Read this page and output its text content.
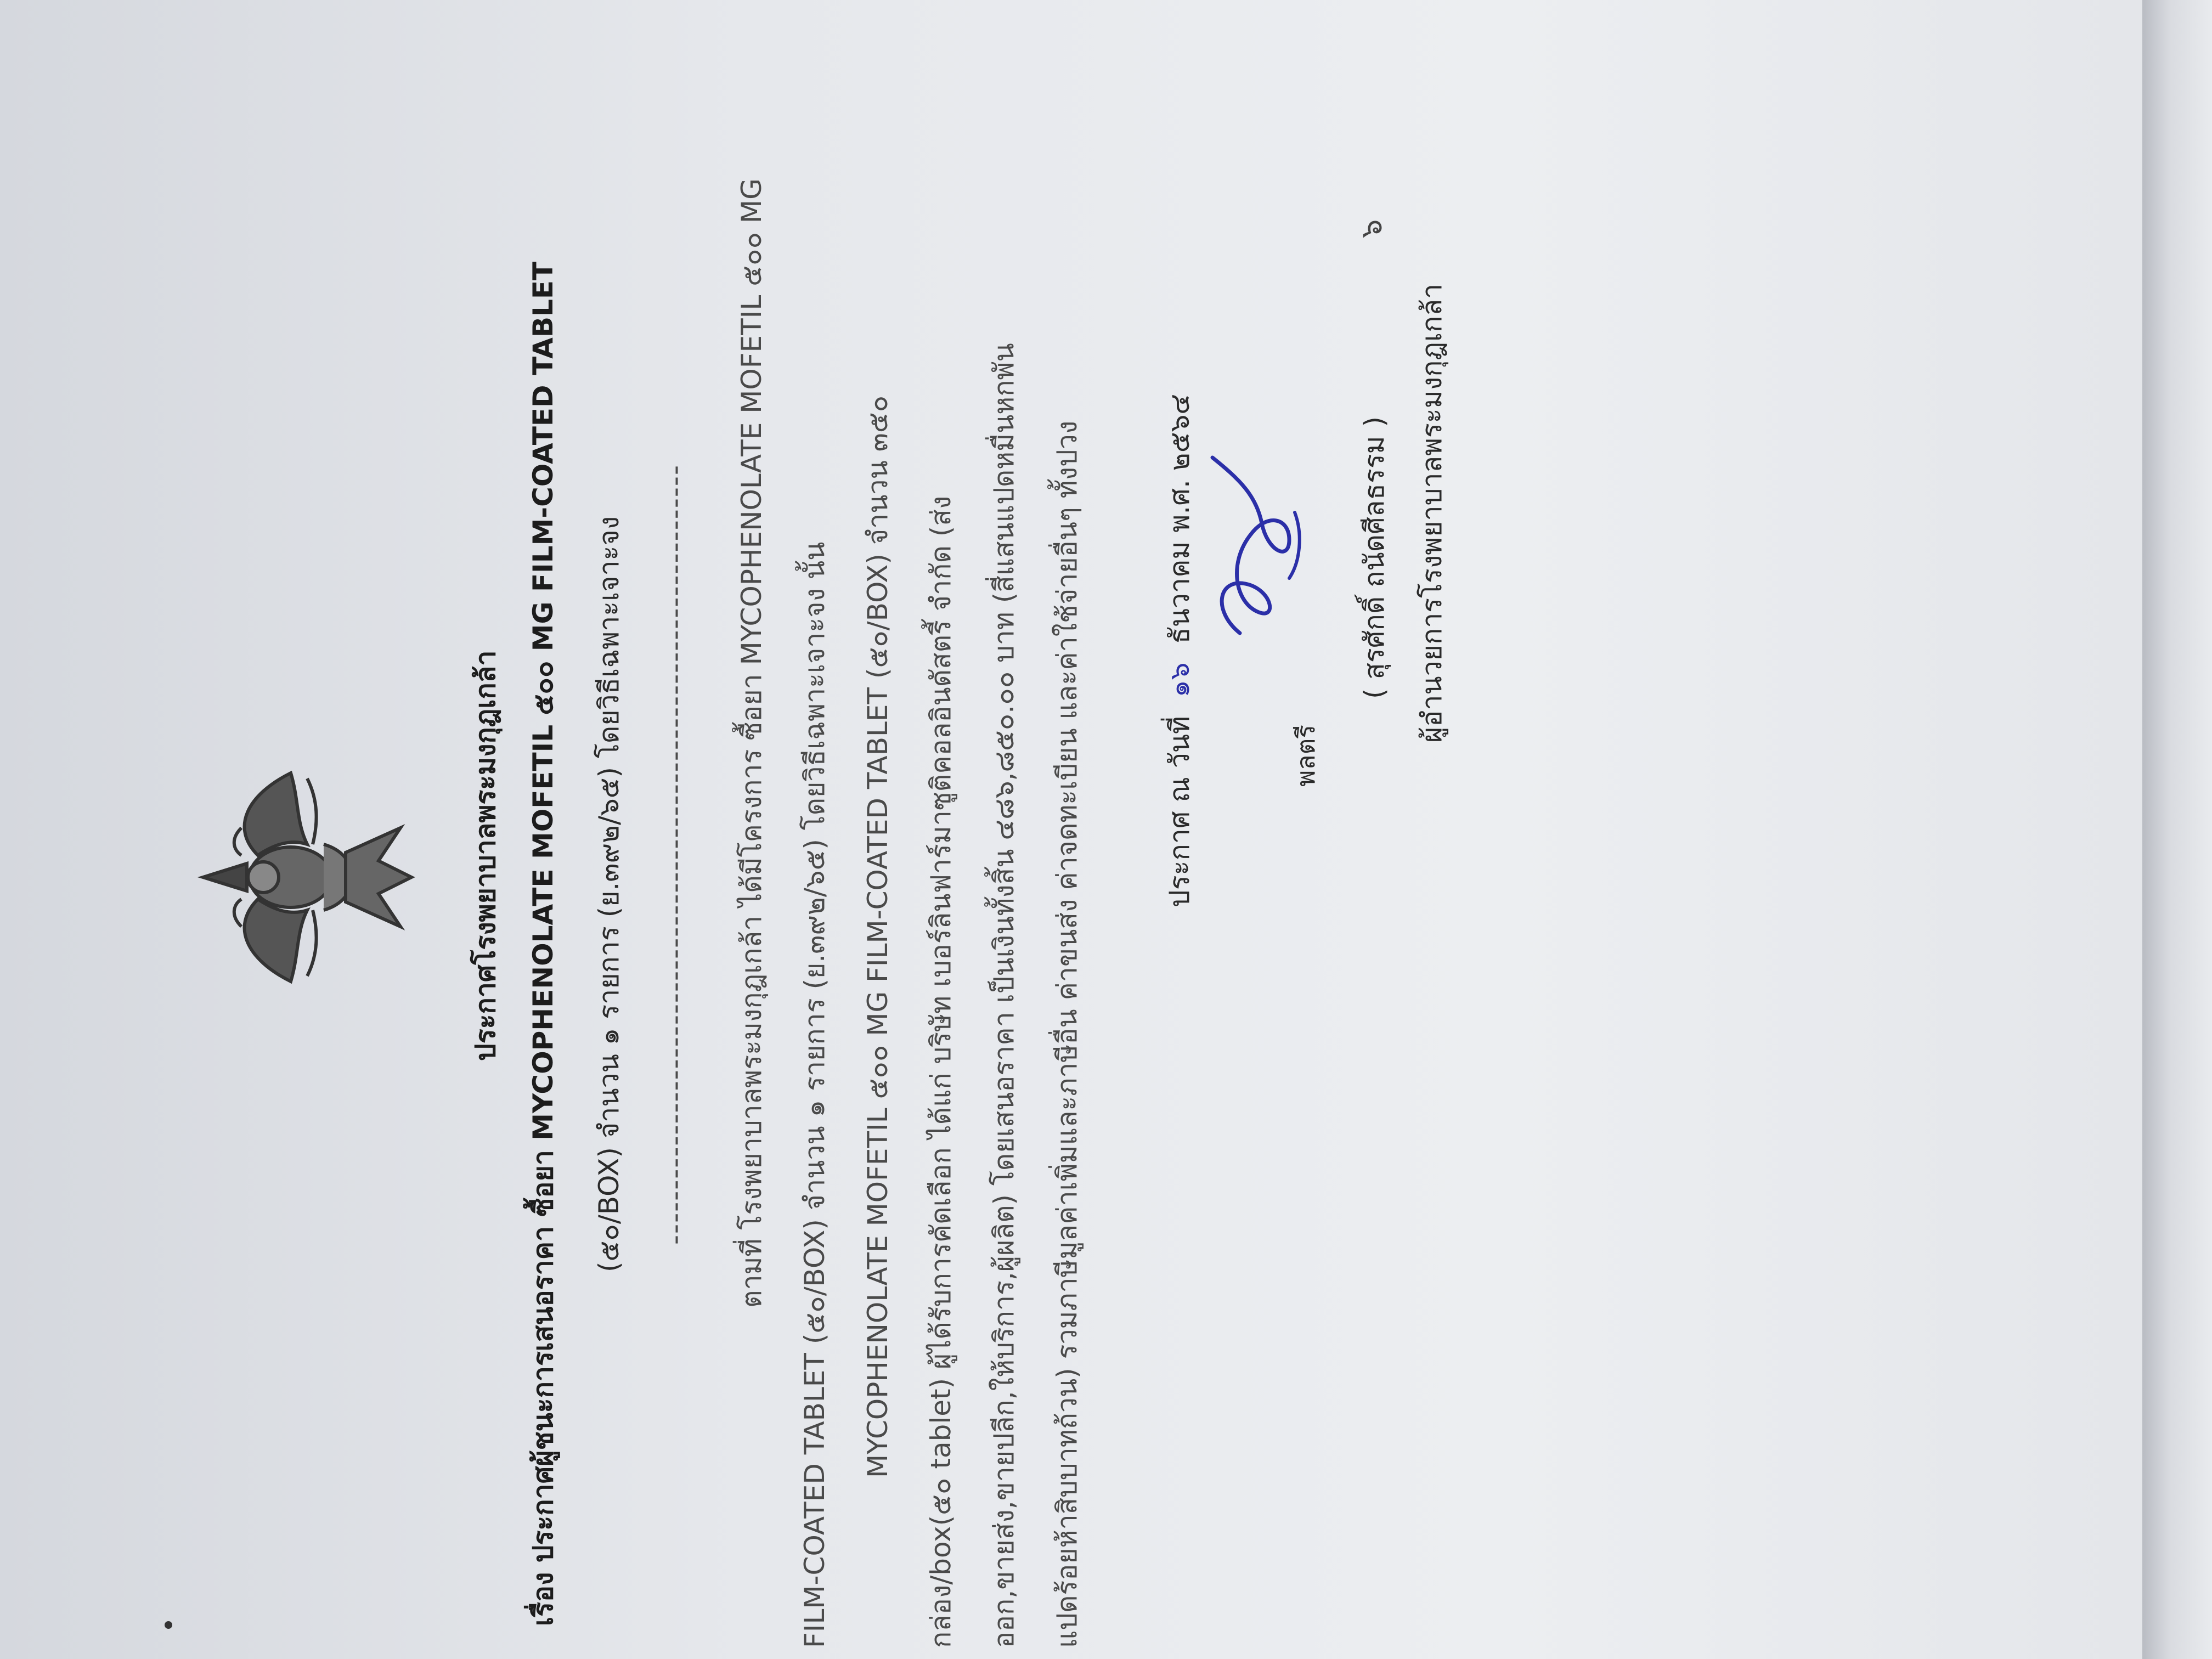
ประกาศโรงพยาบาลพระมงกุฎเกล้า เรื่อง ประกาศผู้ชนะการเสนอราคา ซื้อยา MYCOPHENOLATE MOFETIL ๕๐๐ MG FILM-COATED TABLET (๕๐/BOX) จำนวน ๑ รายการ (ย.๓๙๒/๖๕) โดยวิธีเฉพาะเจาะจง ----------------------------------------------------------------------- ตามที่ โรงพยาบาลพระมงกุฎเกล้า ได้มีโครงการ ซื้อยา MYCOPHENOLATE MOFETIL ๕๐๐ MG FILM-COATED TABLET (๕๐/BOX) จำนวน ๑ รายการ (ย.๓๙๒/๖๕) โดยวิธีเฉพาะเจาะจง นั้น MYCOPHENOLATE MOFETIL ๕๐๐ MG FILM-COATED TABLET (๕๐/BOX) จำนวน ๓๕๐ กล่อง/box(๕๐ tablet) ผู้ได้รับการคัดเลือก ได้แก่ บริษัท เบอร์ลินฟาร์มาซูติคอลอินดัสตรี้ จำกัด (ส่ง ออก,ขายส่ง,ขายปลีก,ให้บริการ,ผู้ผลิต) โดยเสนอราคา เป็นเงินทั้งสิ้น ๔๘๖,๘๕๐.๐๐ บาท (สี่แสนแปดหมื่นหกพัน แปดร้อยห้าสิบบาทถ้วน) รวมภาษีมูลค่าเพิ่มและภาษีอื่น ค่าขนส่ง ค่าจดทะเบียน และค่าใช้จ่ายอื่นๆ ทั้งปวง	ประกาศ ณ วันที่ ๑๖ ธันวาคม พ.ศ. ๒๕๖๔
พลตรี
( สุรศักดิ์ ถนัดศีลธรรม ) ผู้อำนวยการโรงพยาบาลพระมงกุฎเกล้า
๖
